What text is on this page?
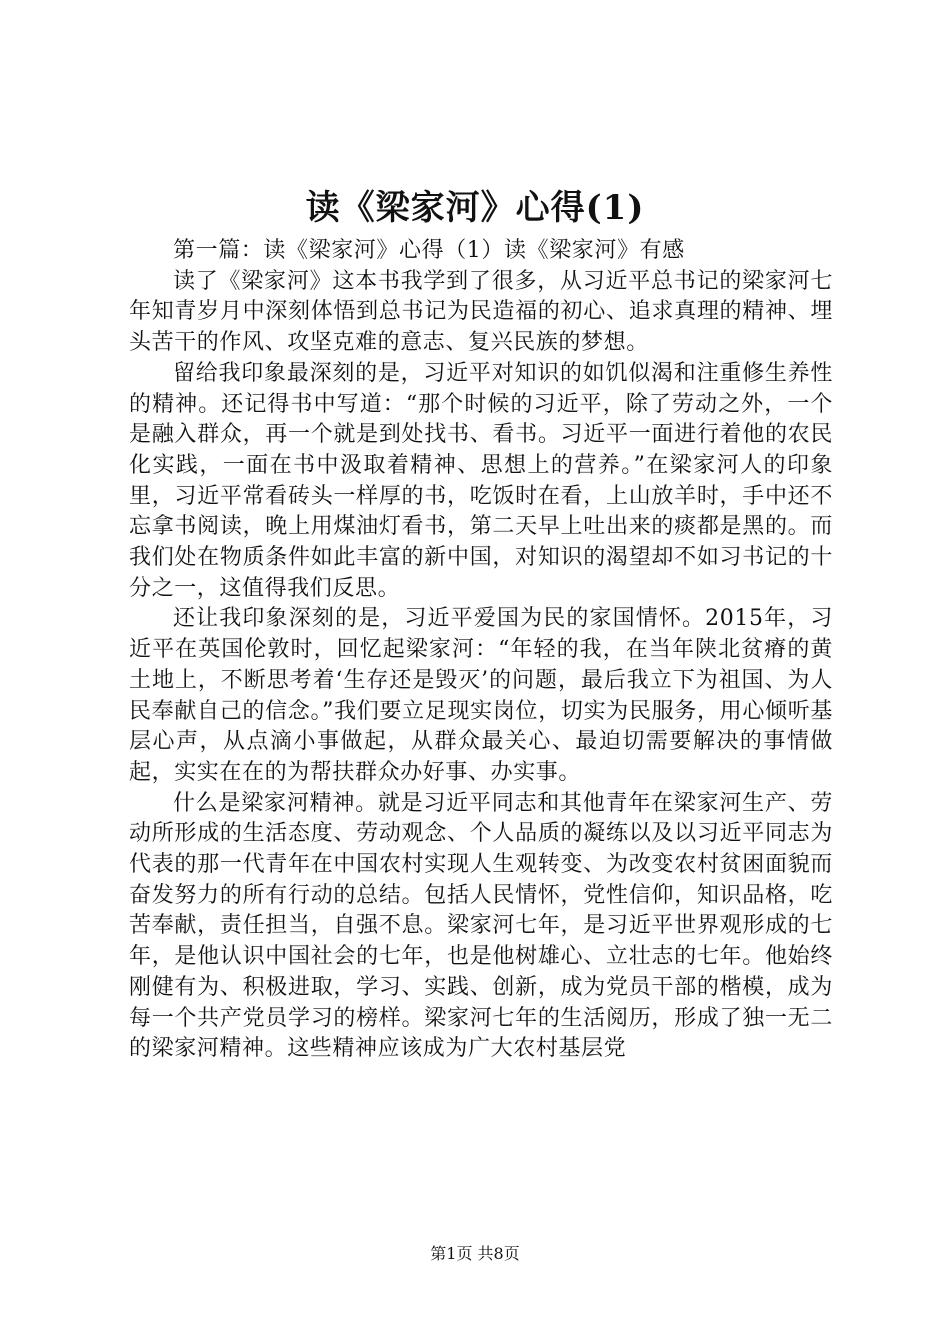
读《梁家河》心得(1)

第一篇：读《梁家河》心得（1）读《梁家河》有感

读了《梁家河》这本书我学到了很多，从习近平总书记的梁家河七年知青岁月中深刻体悟到总书记为民造福的初心、追求真理的精神、埋头苦干的作风、攻坚克难的意志、复兴民族的梦想。

留给我印象最深刻的是，习近平对知识的如饥似渴和注重修生养性的精神。还记得书中写道：“那个时候的习近平，除了劳动之外，一个是融入群众，再一个就是到处找书、看书。习近平一面进行着他的农民化实践，一面在书中汲取着精神、思想上的营养。”在梁家河人的印象里，习近平常看砖头一样厚的书，吃饭时在看，上山放羊时，手中还不忘拿书阅读，晚上用煤油灯看书，第二天早上吐出来的痰都是黑的。而我们处在物质条件如此丰富的新中国，对知识的渴望却不如习书记的十分之一，这值得我们反思。

还让我印象深刻的是，习近平爱国为民的家国情怀。2015年，习近平在英国伦敦时，回忆起梁家河：“年轻的我，在当年陕北贫瘠的黄土地上，不断思考着‘生存还是毁灭’的问题，最后我立下为祖国、为人民奉献自己的信念。”我们要立足现实岗位，切实为民服务，用心倾听基层心声，从点滴小事做起，从群众最关心、最迫切需要解决的事情做起，实实在在的为帮扶群众办好事、办实事。

什么是梁家河精神。就是习近平同志和其他青年在梁家河生产、劳动所形成的生活态度、劳动观念、个人品质的凝练以及以习近平同志为代表的那一代青年在中国农村实现人生观转变、为改变农村贫困面貌而奋发努力的所有行动的总结。包括人民情怀，党性信仰，知识品格，吃苦奉献，责任担当，自强不息。梁家河七年，是习近平世界观形成的七年，是他认识中国社会的七年，也是他树雄心、立壮志的七年。他始终刚健有为、积极进取，学习、实践、创新，成为党员干部的楷模，成为每一个共产党员学习的榜样。梁家河七年的生活阅历，形成了独一无二的梁家河精神。这些精神应该成为广大农村基层党

第1页 共8页
